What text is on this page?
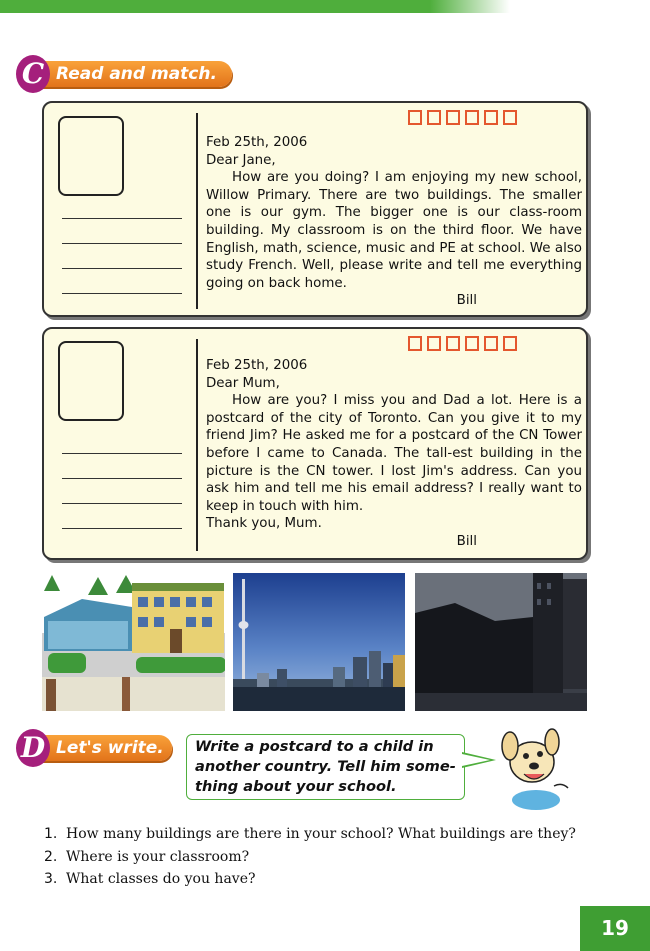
C Read and match.

Feb 25th, 2006

Dear Jane,

How are you doing? I am enjoying my new school, Willow Primary. There are two buildings. The smaller one is our gym. The bigger one is our class-room building. My classroom is on the third floor. We have English, math, science, music and PE at school. We also study French. Well, please write and tell me everything going on back home.

Bill

Feb 25th, 2006

Dear Mum,

How are you? I miss you and Dad a lot. Here is a postcard of the city of Toronto. Can you give it to my friend Jim? He asked me for a postcard of the CN Tower before I came to Canada. The tall-est building in the picture is the CN tower. I lost Jim's address. Can you ask him and tell me his email address? I really want to keep in touch with him.

Thank you, Mum.

Bill

D Let's write.	Write a postcard to a child in another country. Tell him some-thing about your school.
1. How many buildings are there in your school? What buildings are they?
2. Where is your classroom?
3. What classes do you have?
19
